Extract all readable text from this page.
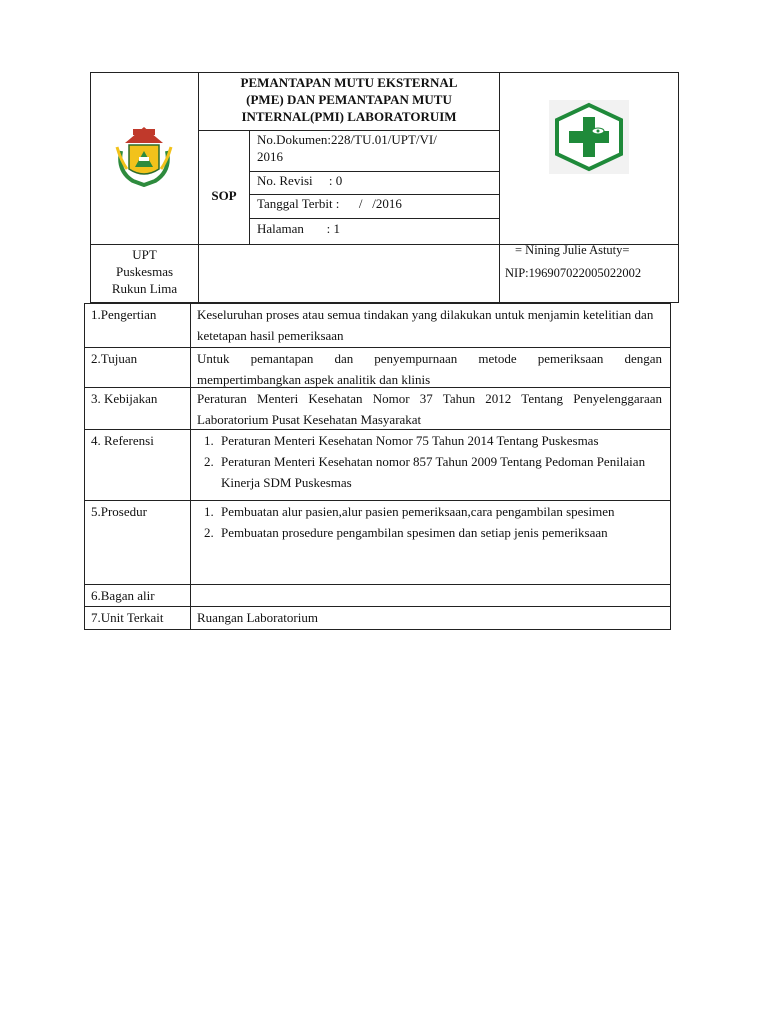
PEMANTAPAN MUTU EKSTERNAL
(PME) DAN PEMANTAPAN MUTU
INTERNAL(PMI) LABORATORUIM
SOP
No.Dokumen:228/TU.01/UPT/VI/
2016
No. Revisi     : 0
Tanggal Terbit :      /   /2016
Halaman       : 1
UPT
Puskesmas
Rukun Lima
= Nining Julie Astuty=
NIP:196907022005022002
1.Pengertian	Keseluruhan proses atau semua tindakan yang dilakukan untuk menjamin ketelitian dan ketetapan hasil pemeriksaan
2.Tujuan	Untuk pemantapan dan penyempurnaan metode pemeriksaan dengan mempertimbangkan aspek analitik dan klinis
3. Kebijakan	Peraturan Menteri Kesehatan Nomor 37 Tahun 2012 Tentang Penyelenggaraan Laboratorium Pusat Kesehatan Masyarakat
4. Referensi	1. Peraturan Menteri Kesehatan Nomor 75 Tahun 2014 Tentang Puskesmas
2. Peraturan Menteri Kesehatan nomor 857 Tahun 2009 Tentang Pedoman Penilaian Kinerja SDM Puskesmas
5.Prosedur	1. Pembuatan alur pasien,alur pasien pemeriksaan,cara pengambilan spesimen
2. Pembuatan prosedure pengambilan spesimen dan setiap jenis pemeriksaan
6.Bagan alir
7.Unit Terkait	Ruangan Laboratorium
